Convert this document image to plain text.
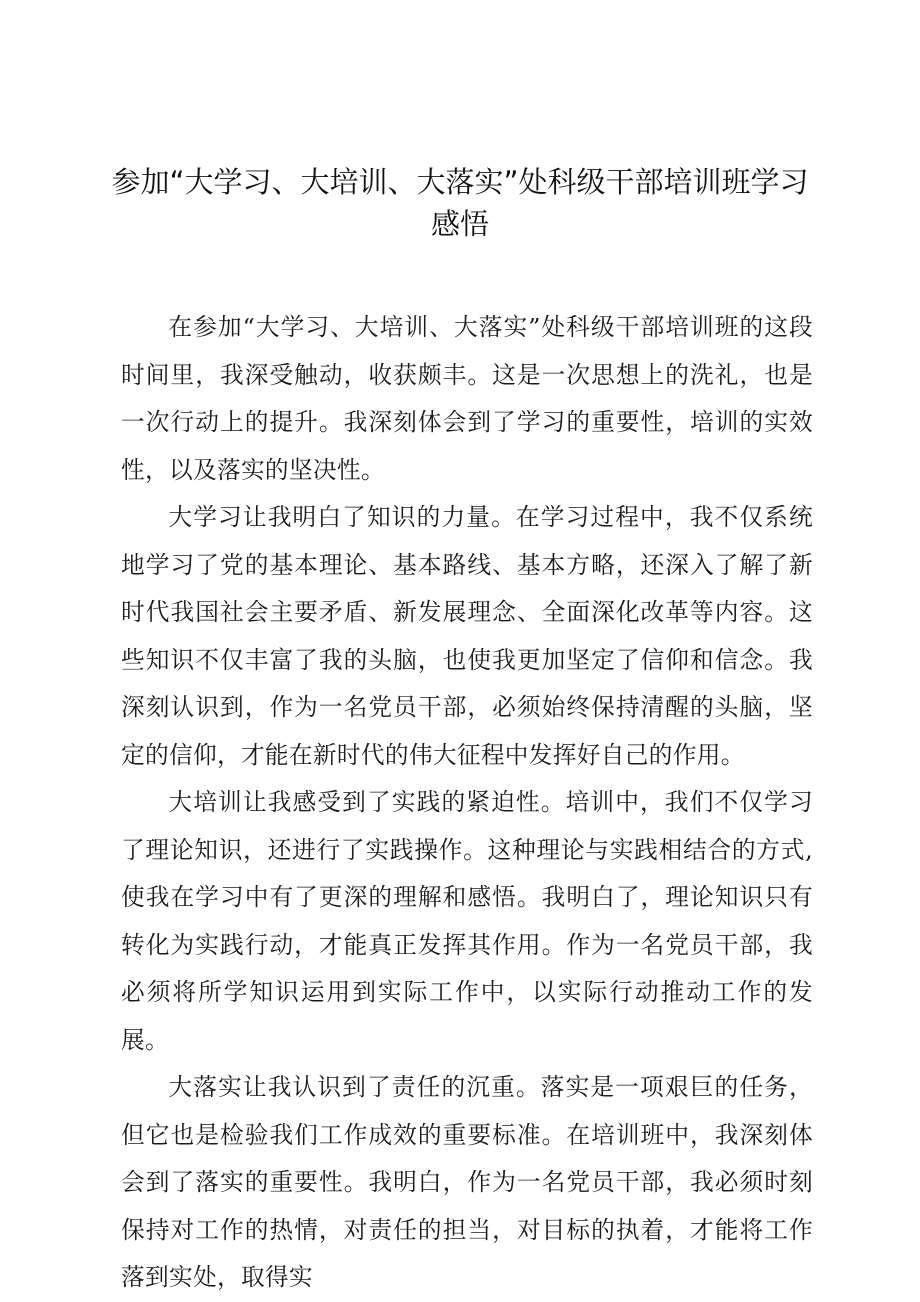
参加“大学习、大培训、大落实”处科级干部培训班学习感悟

在参加“大学习、大培训、大落实”处科级干部培训班的这段时间里，我深受触动，收获颇丰。这是一次思想上的洗礼，也是一次行动上的提升。我深刻体会到了学习的重要性，培训的实效性，以及落实的坚决性。

大学习让我明白了知识的力量。在学习过程中，我不仅系统地学习了党的基本理论、基本路线、基本方略，还深入了解了新时代我国社会主要矛盾、新发展理念、全面深化改革等内容。这些知识不仅丰富了我的头脑，也使我更加坚定了信仰和信念。我深刻认识到，作为一名党员干部，必须始终保持清醒的头脑，坚定的信仰，才能在新时代的伟大征程中发挥好自己的作用。

大培训让我感受到了实践的紧迫性。培训中，我们不仅学习了理论知识，还进行了实践操作。这种理论与实践相结合的方式,使我在学习中有了更深的理解和感悟。我明白了，理论知识只有转化为实践行动，才能真正发挥其作用。作为一名党员干部，我必须将所学知识运用到实际工作中，以实际行动推动工作的发展。

大落实让我认识到了责任的沉重。落实是一项艰巨的任务，但它也是检验我们工作成效的重要标准。在培训班中，我深刻体会到了落实的重要性。我明白，作为一名党员干部，我必须时刻保持对工作的热情，对责任的担当，对目标的执着，才能将工作落到实处，取得实
